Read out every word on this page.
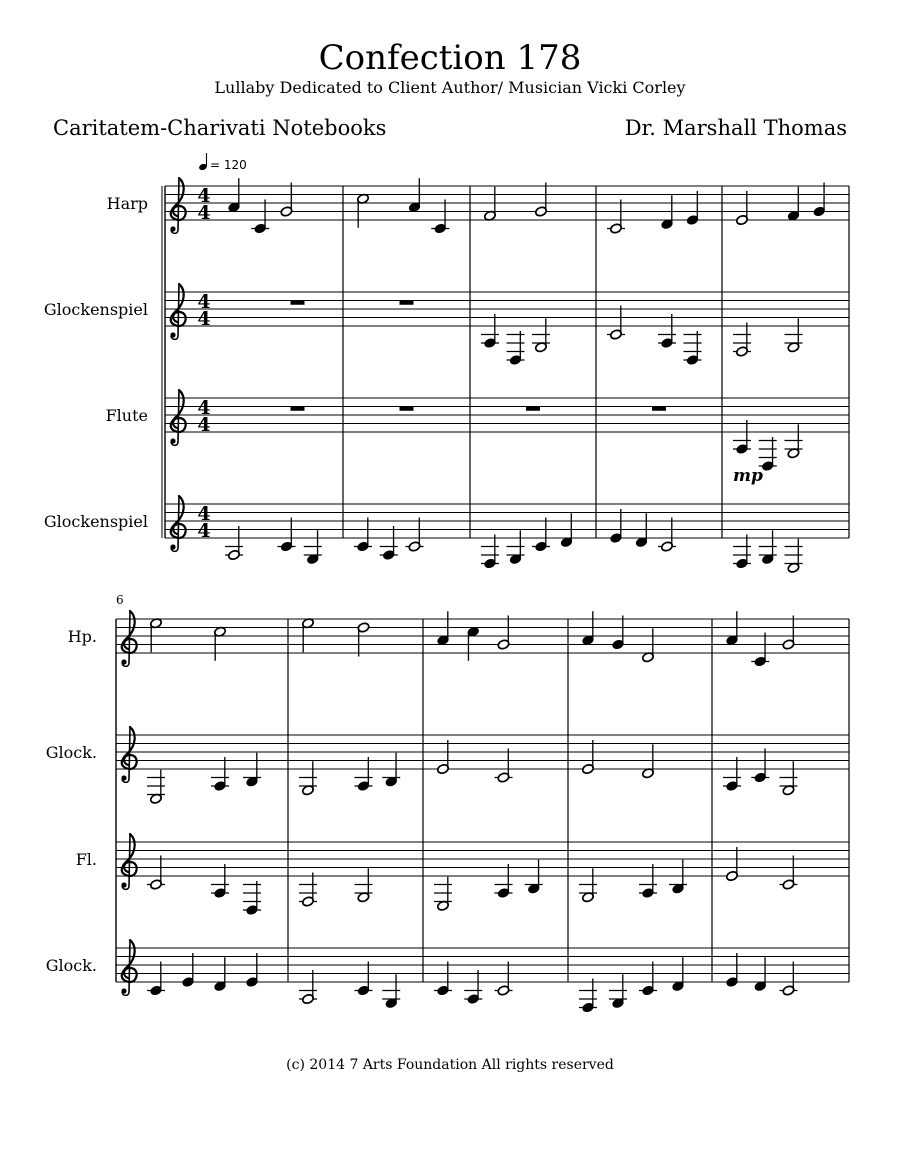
Confection 178
Lullaby Dedicated to Client Author/ Musician Vicki Corley
Caritatem-Charivati Notebooks	Dr. Marshall Thomas
4
4
Harp
4
4
Glockenspiel
4
4
Flute
4
4
Glockenspiel
Hp.
Glock.
Fl.
Glock.
= 120
mp
6
(c) 2014 7 Arts Foundation All rights reserved
